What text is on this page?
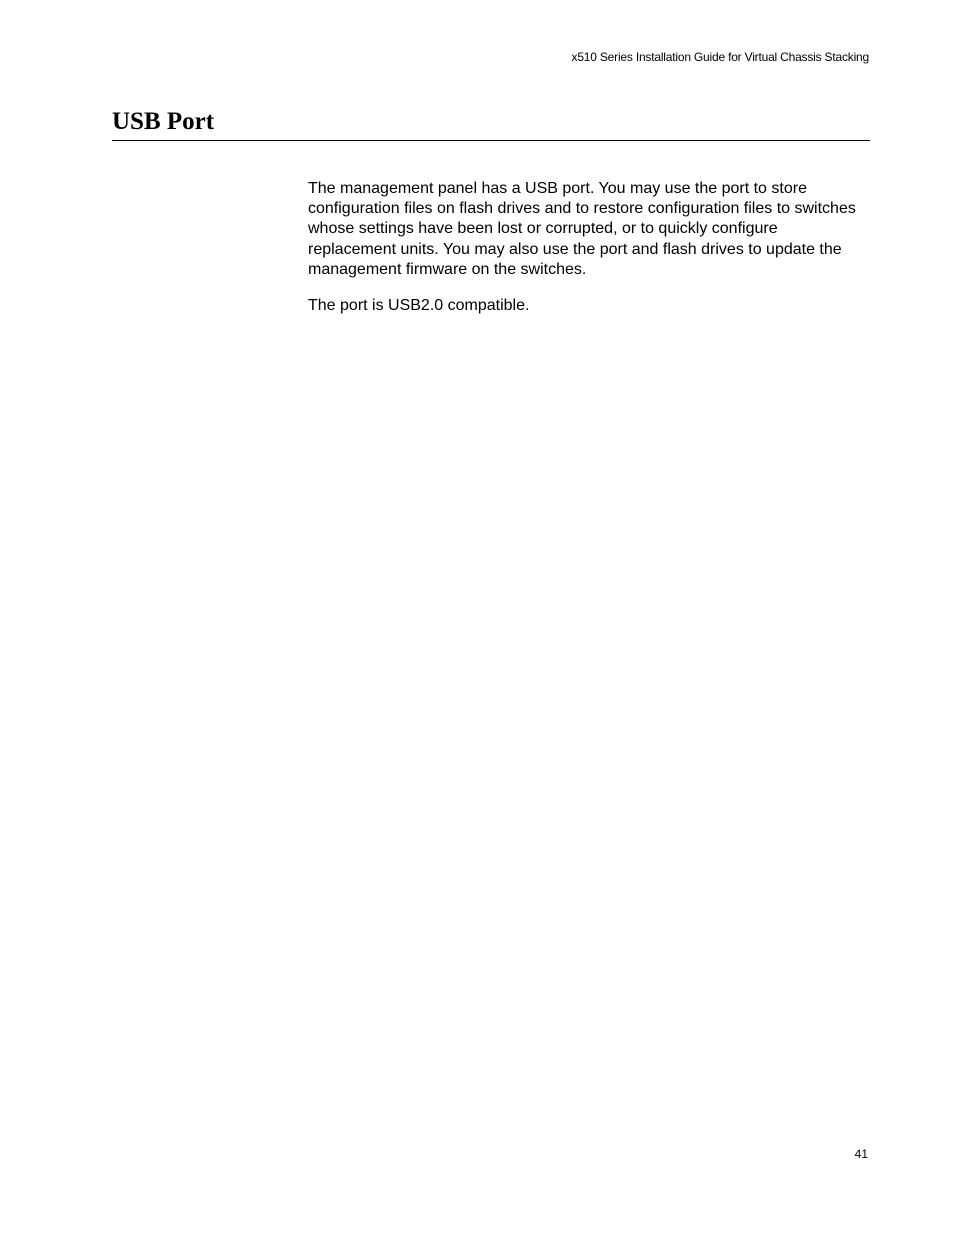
x510 Series Installation Guide for Virtual Chassis Stacking
USB Port

The management panel has a USB port. You may use the port to store configuration files on flash drives and to restore configuration files to switches whose settings have been lost or corrupted, or to quickly configure replacement units. You may also use the port and flash drives to update the management firmware on the switches.

The port is USB2.0 compatible.

41
